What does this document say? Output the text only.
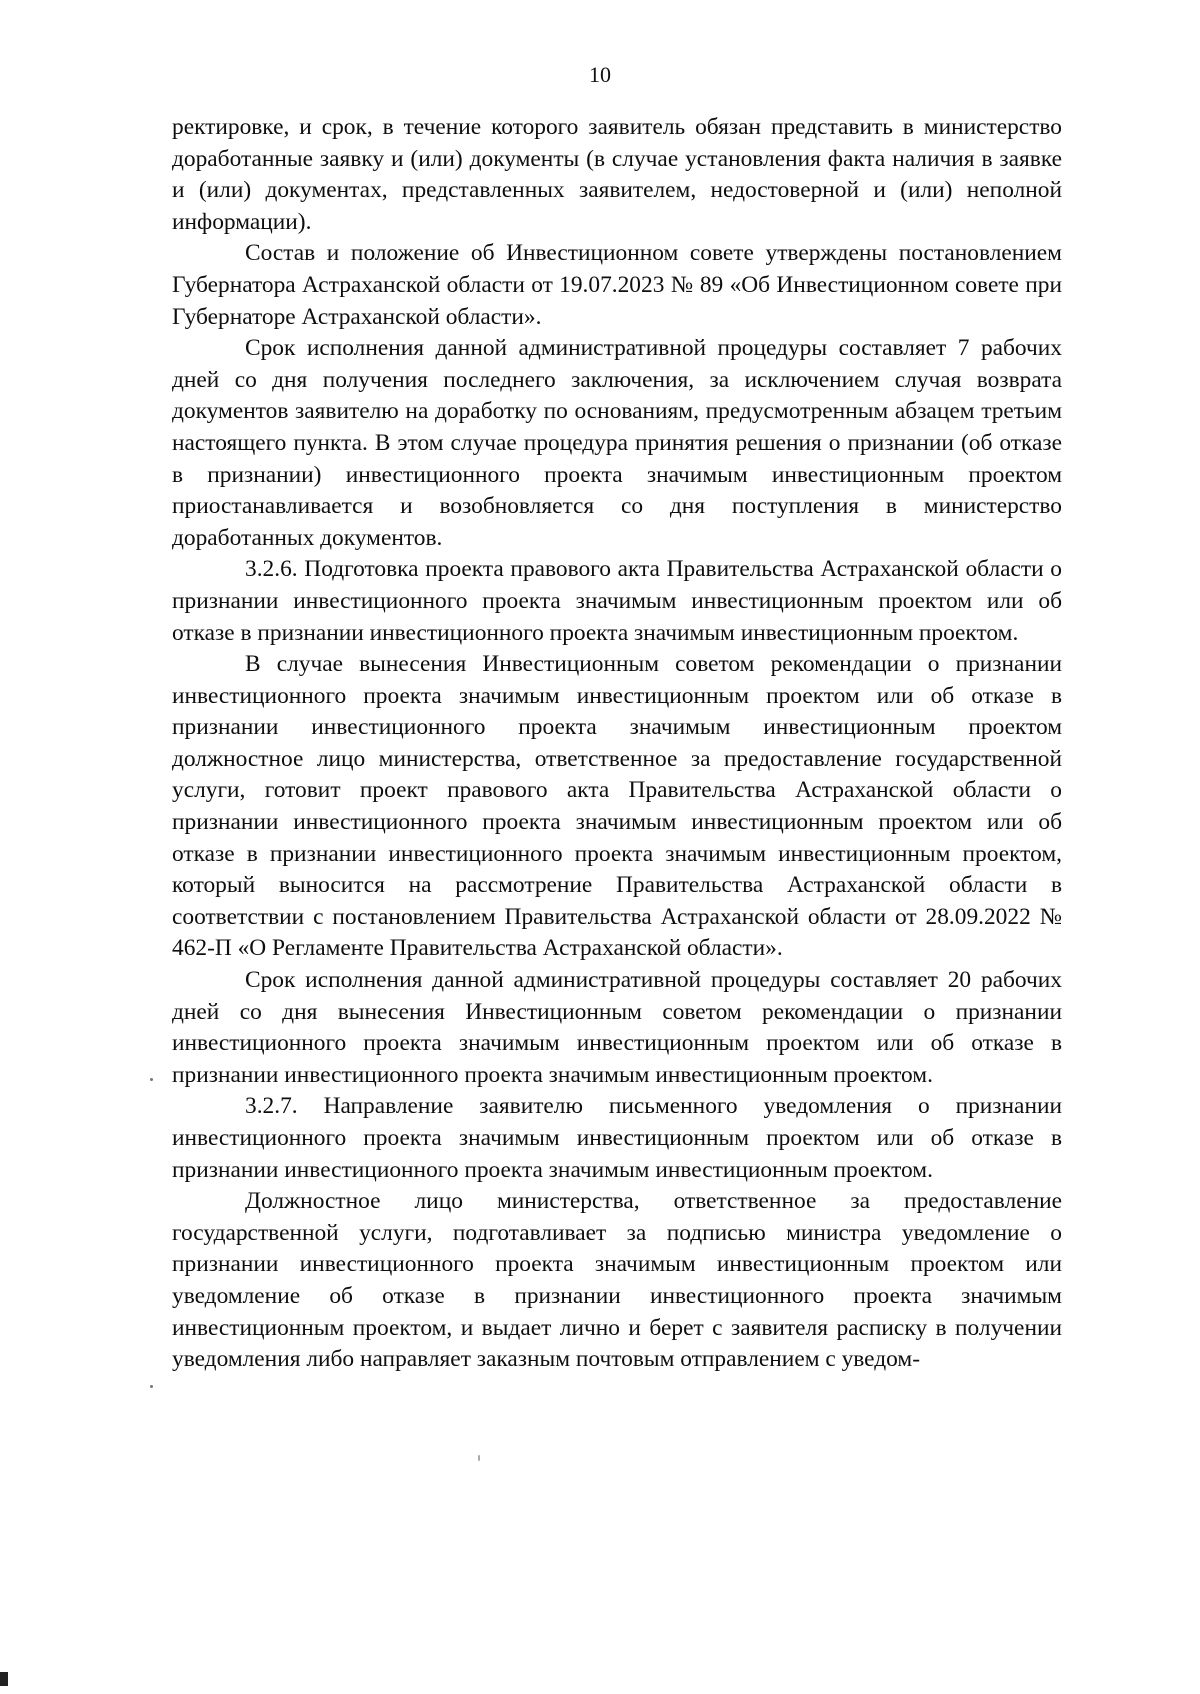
10

ректировке, и срок, в течение которого заявитель обязан представить в министерство доработанные заявку и (или) документы (в случае установления факта наличия в заявке и (или) документах, представленных заявителем, недостоверной и (или) неполной информации).

Состав и положение об Инвестиционном совете утверждены постановлением Губернатора Астраханской области от 19.07.2023 № 89 «Об Инвестиционном совете при Губернаторе Астраханской области».

Срок исполнения данной административной процедуры составляет 7 рабочих дней со дня получения последнего заключения, за исключением случая возврата документов заявителю на доработку по основаниям, предусмотренным абзацем третьим настоящего пункта. В этом случае процедура принятия решения о признании (об отказе в признании) инвестиционного проекта значимым инвестиционным проектом приостанавливается и возобновляется со дня поступления в министерство доработанных документов.

3.2.6. Подготовка проекта правового акта Правительства Астраханской области о признании инвестиционного проекта значимым инвестиционным проектом или об отказе в признании инвестиционного проекта значимым инвестиционным проектом.

В случае вынесения Инвестиционным советом рекомендации о признании инвестиционного проекта значимым инвестиционным проектом или об отказе в признании инвестиционного проекта значимым инвестиционным проектом должностное лицо министерства, ответственное за предоставление государственной услуги, готовит проект правового акта Правительства Астраханской области о признании инвестиционного проекта значимым инвестиционным проектом или об отказе в признании инвестиционного проекта значимым инвестиционным проектом, который выносится на рассмотрение Правительства Астраханской области в соответствии с постановлением Правительства Астраханской области от 28.09.2022 № 462-П «О Регламенте Правительства Астраханской области».

Срок исполнения данной административной процедуры составляет 20 рабочих дней со дня вынесения Инвестиционным советом рекомендации о признании инвестиционного проекта значимым инвестиционным проектом или об отказе в признании инвестиционного проекта значимым инвестиционным проектом.

3.2.7. Направление заявителю письменного уведомления о признании инвестиционного проекта значимым инвестиционным проектом или об отказе в признании инвестиционного проекта значимым инвестиционным проектом.

Должностное лицо министерства, ответственное за предоставление государственной услуги, подготавливает за подписью министра уведомление о признании инвестиционного проекта значимым инвестиционным проектом или уведомление об отказе в признании инвестиционного проекта значимым инвестиционным проектом, и выдает лично и берет с заявителя расписку в получении уведомления либо направляет заказным почтовым отправлением с уведом-
